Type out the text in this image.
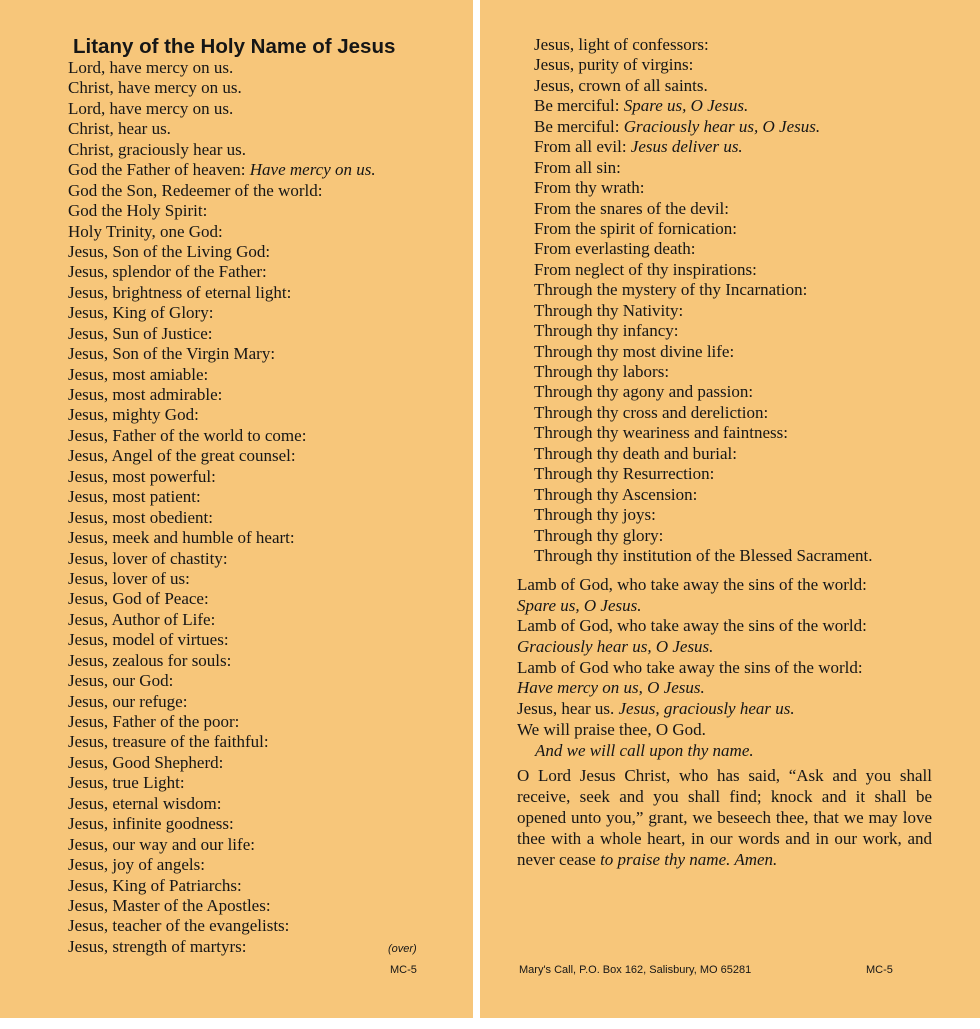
Litany of the Holy Name of Jesus
Lord, have mercy on us.
Christ, have mercy on us.
Lord, have mercy on us.
Christ, hear us.
Christ, graciously hear us.
God the Father of heaven: Have mercy on us.
God the Son, Redeemer of the world:
God the Holy Spirit:
Holy Trinity, one God:
Jesus, Son of the Living God:
Jesus, splendor of the Father:
Jesus, brightness of eternal light:
Jesus, King of Glory:
Jesus, Sun of Justice:
Jesus, Son of the Virgin Mary:
Jesus, most amiable:
Jesus, most admirable:
Jesus, mighty God:
Jesus, Father of the world to come:
Jesus, Angel of the great counsel:
Jesus, most powerful:
Jesus, most patient:
Jesus, most obedient:
Jesus, meek and humble of heart:
Jesus, lover of chastity:
Jesus, lover of us:
Jesus, God of Peace:
Jesus, Author of Life:
Jesus, model of virtues:
Jesus, zealous for souls:
Jesus, our God:
Jesus, our refuge:
Jesus, Father of the poor:
Jesus, treasure of the faithful:
Jesus, Good Shepherd:
Jesus, true Light:
Jesus, eternal wisdom:
Jesus, infinite goodness:
Jesus, our way and our life:
Jesus, joy of angels:
Jesus, King of Patriarchs:
Jesus, Master of the Apostles:
Jesus, teacher of the evangelists:
Jesus, strength of martyrs:	(over)
MC-5
Jesus, light of confessors:
Jesus, purity of virgins:
Jesus, crown of all saints.
Be merciful: Spare us, O Jesus.
Be merciful: Graciously hear us, O Jesus.
From all evil: Jesus deliver us.
From all sin:
From thy wrath:
From the snares of the devil:
From the spirit of fornication:
From everlasting death:
From neglect of thy inspirations:
Through the mystery of thy Incarnation:
Through thy Nativity:
Through thy infancy:
Through thy most divine life:
Through thy labors:
Through thy agony and passion:
Through thy cross and dereliction:
Through thy weariness and faintness:
Through thy death and burial:
Through thy Resurrection:
Through thy Ascension:
Through thy joys:
Through thy glory:
Through thy institution of the Blessed Sacrament.
Lamb of God, who take away the sins of the world:
Spare us, O Jesus.
Lamb of God, who take away the sins of the world:
Graciously hear us, O Jesus.
Lamb of God who take away the sins of the world:
Have mercy on us, O Jesus.
Jesus, hear us. Jesus, graciously hear us.
We will praise thee, O God.
And we will call upon thy name.

O Lord Jesus Christ, who has said, “Ask and you shall receive, seek and you shall find; knock and it shall be opened unto you,” grant, we beseech thee, that we may love thee with a whole heart, in our words and in our work, and never cease to praise thy name. Amen.

Mary's Call, P.O. Box 162, Salisbury, MO 65281	MC-5
